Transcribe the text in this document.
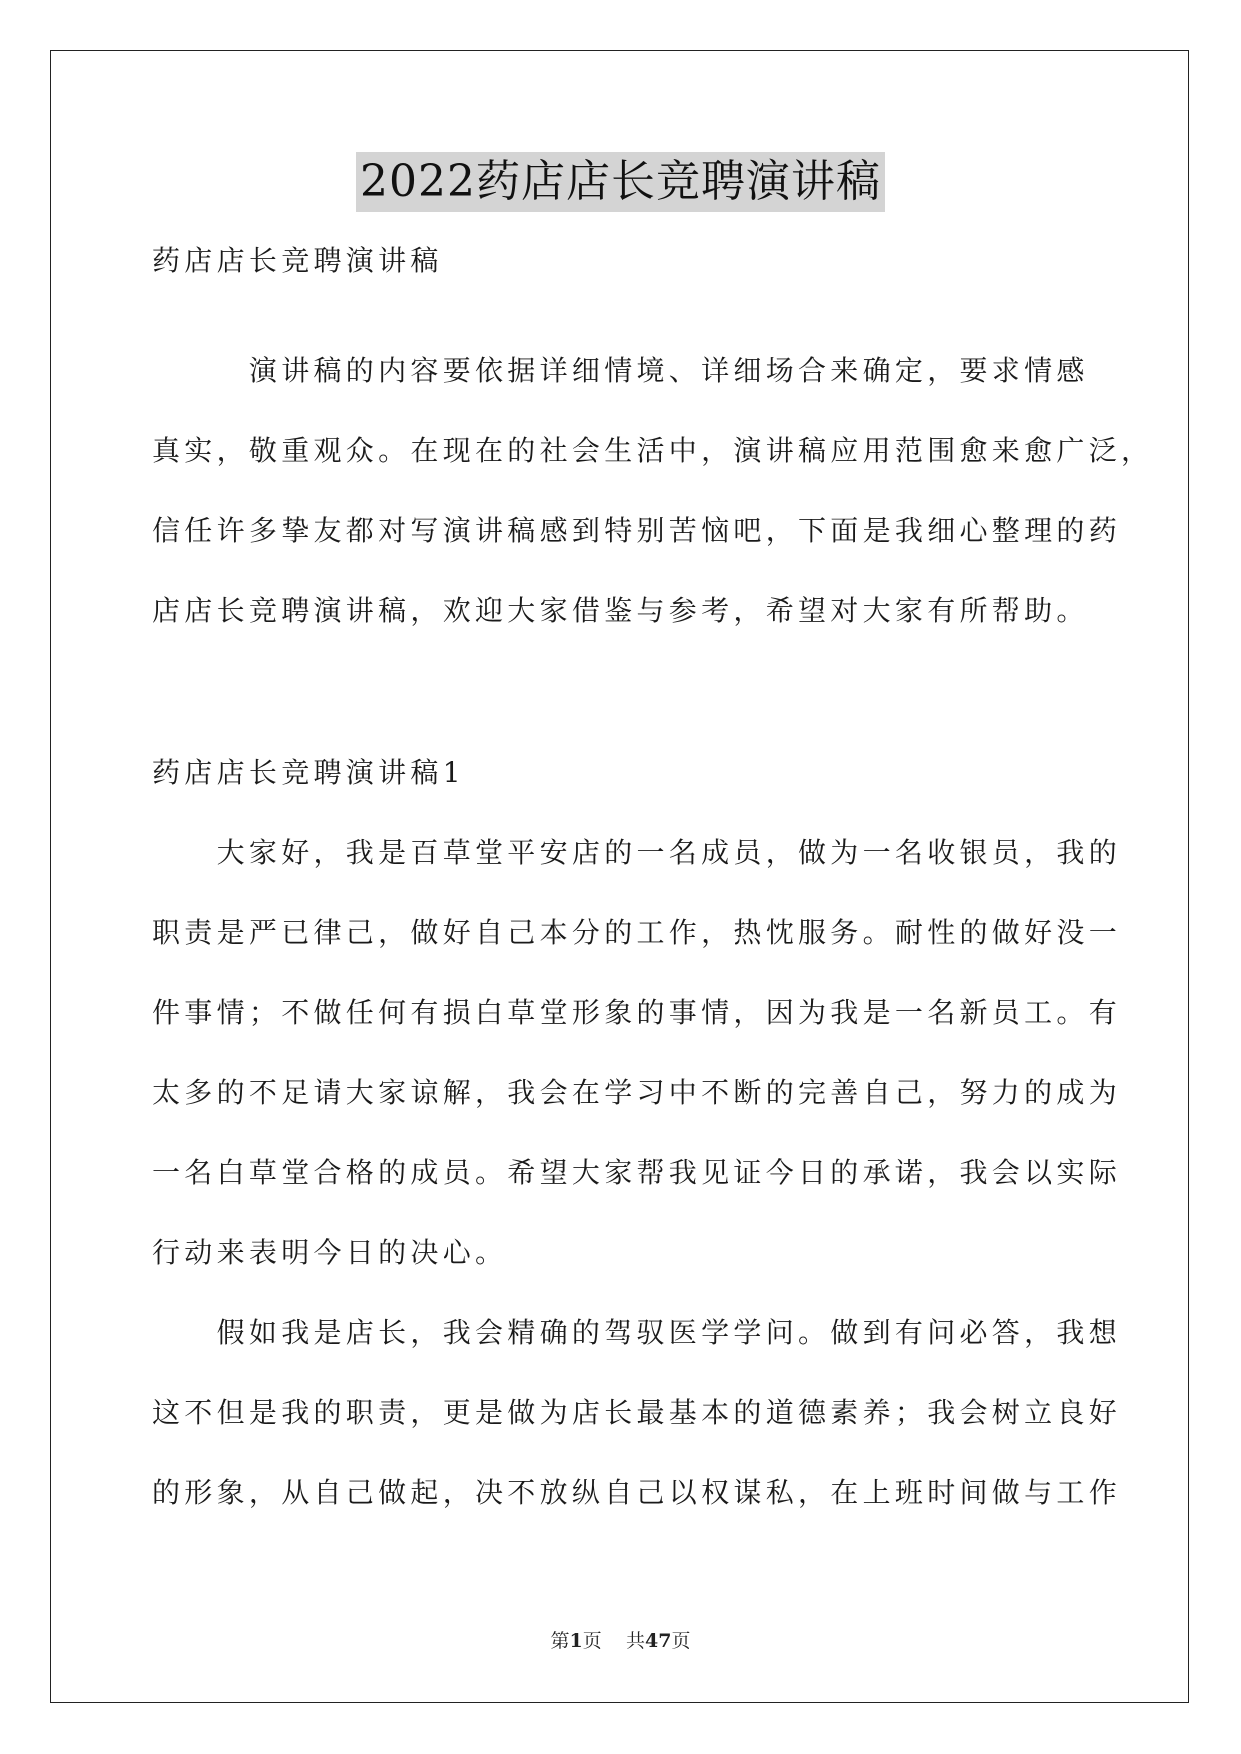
2022药店店长竞聘演讲稿
药店店长竞聘演讲稿
　　　演讲稿的内容要依据详细情境、详细场合来确定，要求情感
真实，敬重观众。在现在的社会生活中，演讲稿应用范围愈来愈广泛，
信任许多挚友都对写演讲稿感到特别苦恼吧，下面是我细心整理的药
店店长竞聘演讲稿，欢迎大家借鉴与参考，希望对大家有所帮助。
药店店长竞聘演讲稿1
　　大家好，我是百草堂平安店的一名成员，做为一名收银员，我的
职责是严已律己，做好自己本分的工作，热忱服务。耐性的做好没一
件事情；不做任何有损白草堂形象的事情，因为我是一名新员工。有
太多的不足请大家谅解，我会在学习中不断的完善自己，努力的成为
一名白草堂合格的成员。希望大家帮我见证今日的承诺，我会以实际
行动来表明今日的决心。
　　假如我是店长，我会精确的驾驭医学学问。做到有问必答，我想
这不但是我的职责，更是做为店长最基本的道德素养；我会树立良好
的形象，从自己做起，决不放纵自己以权谋私，在上班时间做与工作
第1页 共47页
